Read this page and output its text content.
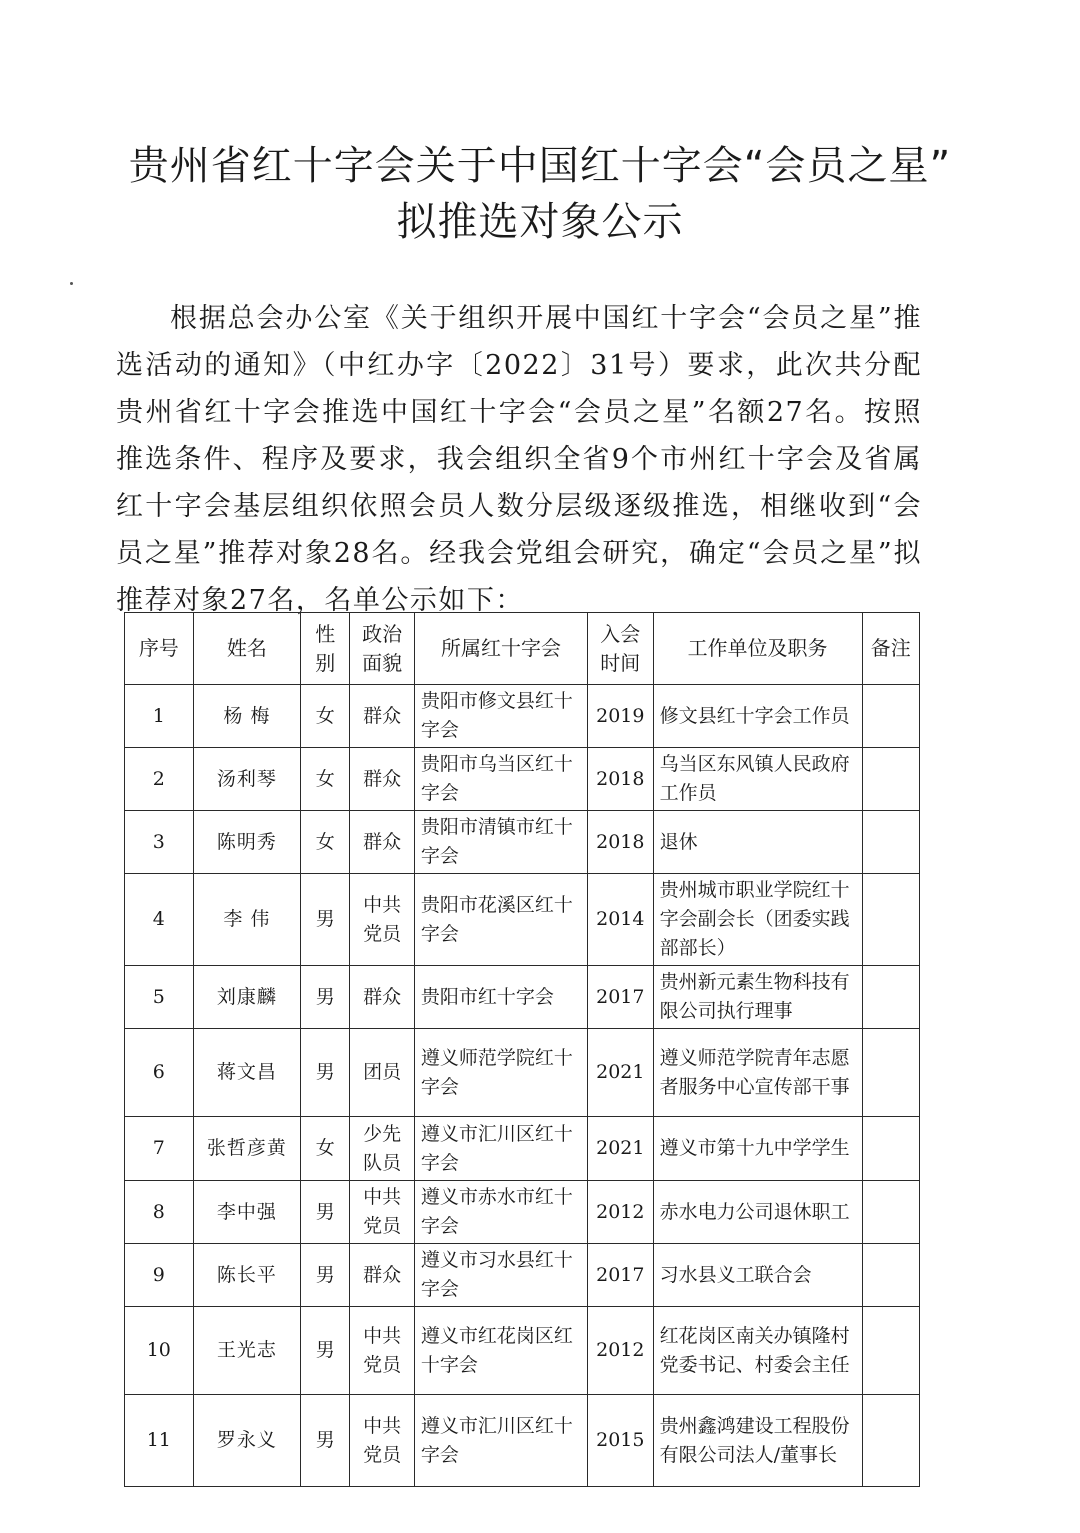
贵州省红十字会关于中国红十字会“会员之星”
拟推选对象公示

根据总会办公室《关于组织开展中国红十字会“会员之星”推选活动的通知》（中红办字〔2022〕31号）要求，此次共分配贵州省红十字会推选中国红十字会“会员之星”名额27名。按照推选条件、程序及要求，我会组织全省9个市州红十字会及省属红十字会基层组织依照会员人数分层级逐级推选，相继收到“会员之星”推荐对象28名。经我会党组会研究，确定“会员之星”拟推荐对象27名，名单公示如下：

序号	姓名	性别	政治面貌	所属红十字会	入会时间	工作单位及职务	备注
1	杨 梅	女	群众	贵阳市修文县红十字会	2019	修文县红十字会工作员	
2	汤利琴	女	群众	贵阳市乌当区红十字会	2018	乌当区东风镇人民政府工作员	
3	陈明秀	女	群众	贵阳市清镇市红十字会	2018	退休	
4	李 伟	男	中共党员	贵阳市花溪区红十字会	2014	贵州城市职业学院红十字会副会长（团委实践部部长）	
5	刘康麟	男	群众	贵阳市红十字会	2017	贵州新元素生物科技有限公司执行理事	
6	蒋文昌	男	团员	遵义师范学院红十字会	2021	遵义师范学院青年志愿者服务中心宣传部干事	
7	张哲彦黄	女	少先队员	遵义市汇川区红十字会	2021	遵义市第十九中学学生	
8	李中强	男	中共党员	遵义市赤水市红十字会	2012	赤水电力公司退休职工	
9	陈长平	男	群众	遵义市习水县红十字会	2017	习水县义工联合会	
10	王光志	男	中共党员	遵义市红花岗区红十字会	2012	红花岗区南关办镇隆村党委书记、村委会主任	
11	罗永义	男	中共党员	遵义市汇川区红十字会	2015	贵州鑫鸿建设工程股份有限公司法人/董事长	
